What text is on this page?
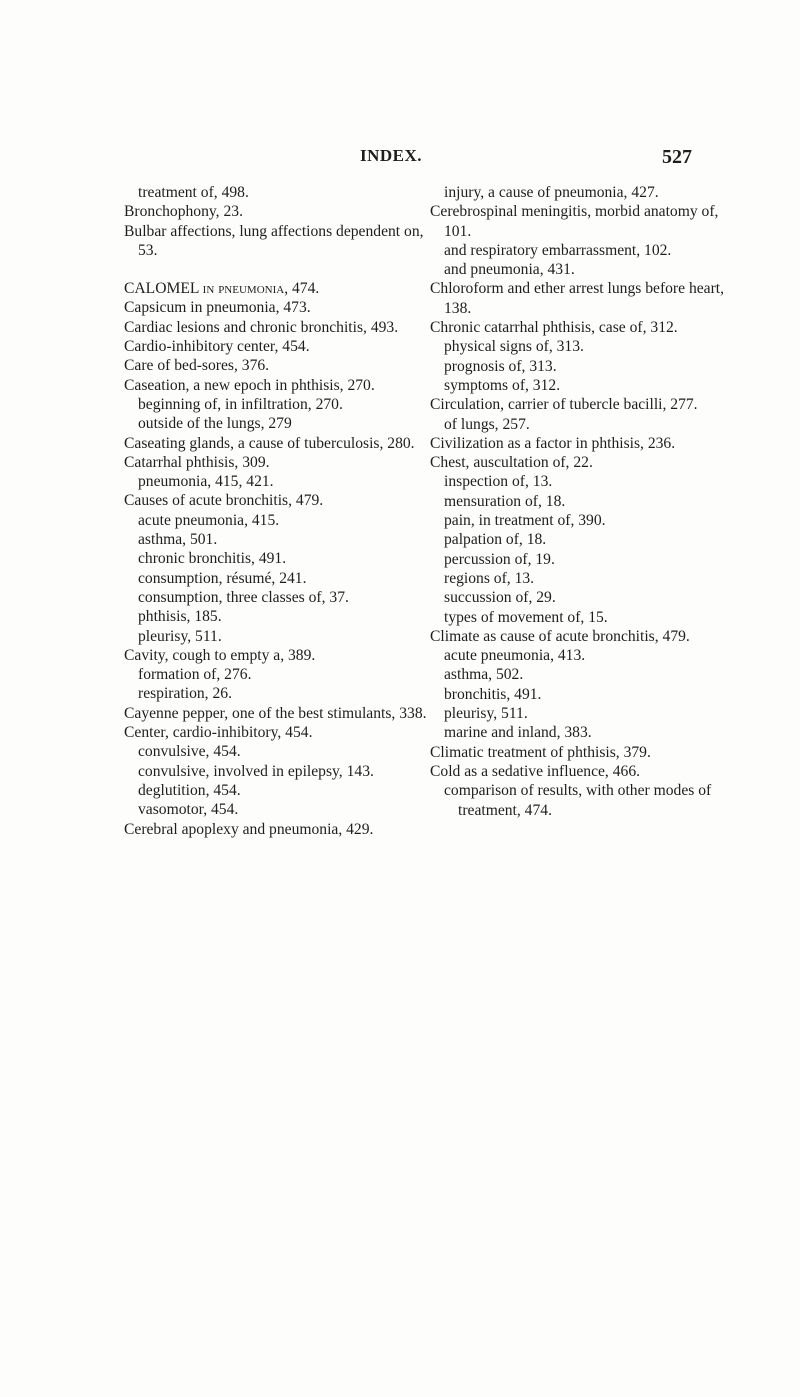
INDEX.	527
treatment of, 498.
Bronchophony, 23.
Bulbar affections, lung affections dependent on, 53.
CALOMEL in pneumonia, 474.
Capsicum in pneumonia, 473.
Cardiac lesions and chronic bronchitis, 493.
Cardio-inhibitory center, 454.
Care of bed-sores, 376.
Caseation, a new epoch in phthisis, 270.
beginning of, in infiltration, 270.
outside of the lungs, 279
Caseating glands, a cause of tuberculosis, 280.
Catarrhal phthisis, 309.
pneumonia, 415, 421.
Causes of acute bronchitis, 479.
acute pneumonia, 415.
asthma, 501.
chronic bronchitis, 491.
consumption, résumé, 241.
consumption, three classes of, 37.
phthisis, 185.
pleurisy, 511.
Cavity, cough to empty a, 389.
formation of, 276.
respiration, 26.
Cayenne pepper, one of the best stimulants, 338.
Center, cardio-inhibitory, 454.
convulsive, 454.
convulsive, involved in epilepsy, 143.
deglutition, 454.
vasomotor, 454.
Cerebral apoplexy and pneumonia, 429.
injury, a cause of pneumonia, 427.
Cerebrospinal meningitis, morbid anatomy of, 101.
and respiratory embarrassment, 102.
and pneumonia, 431.
Chloroform and ether arrest lungs before heart, 138.
Chronic catarrhal phthisis, case of, 312.
physical signs of, 313.
prognosis of, 313.
symptoms of, 312.
Circulation, carrier of tubercle bacilli, 277.
of lungs, 257.
Civilization as a factor in phthisis, 236.
Chest, auscultation of, 22.
inspection of, 13.
mensuration of, 18.
pain, in treatment of, 390.
palpation of, 18.
percussion of, 19.
regions of, 13.
succussion of, 29.
types of movement of, 15.
Climate as cause of acute bronchitis, 479.
acute pneumonia, 413.
asthma, 502.
bronchitis, 491.
pleurisy, 511.
marine and inland, 383.
Climatic treatment of phthisis, 379.
Cold as a sedative influence, 466.
comparison of results, with other modes of treatment, 474.
